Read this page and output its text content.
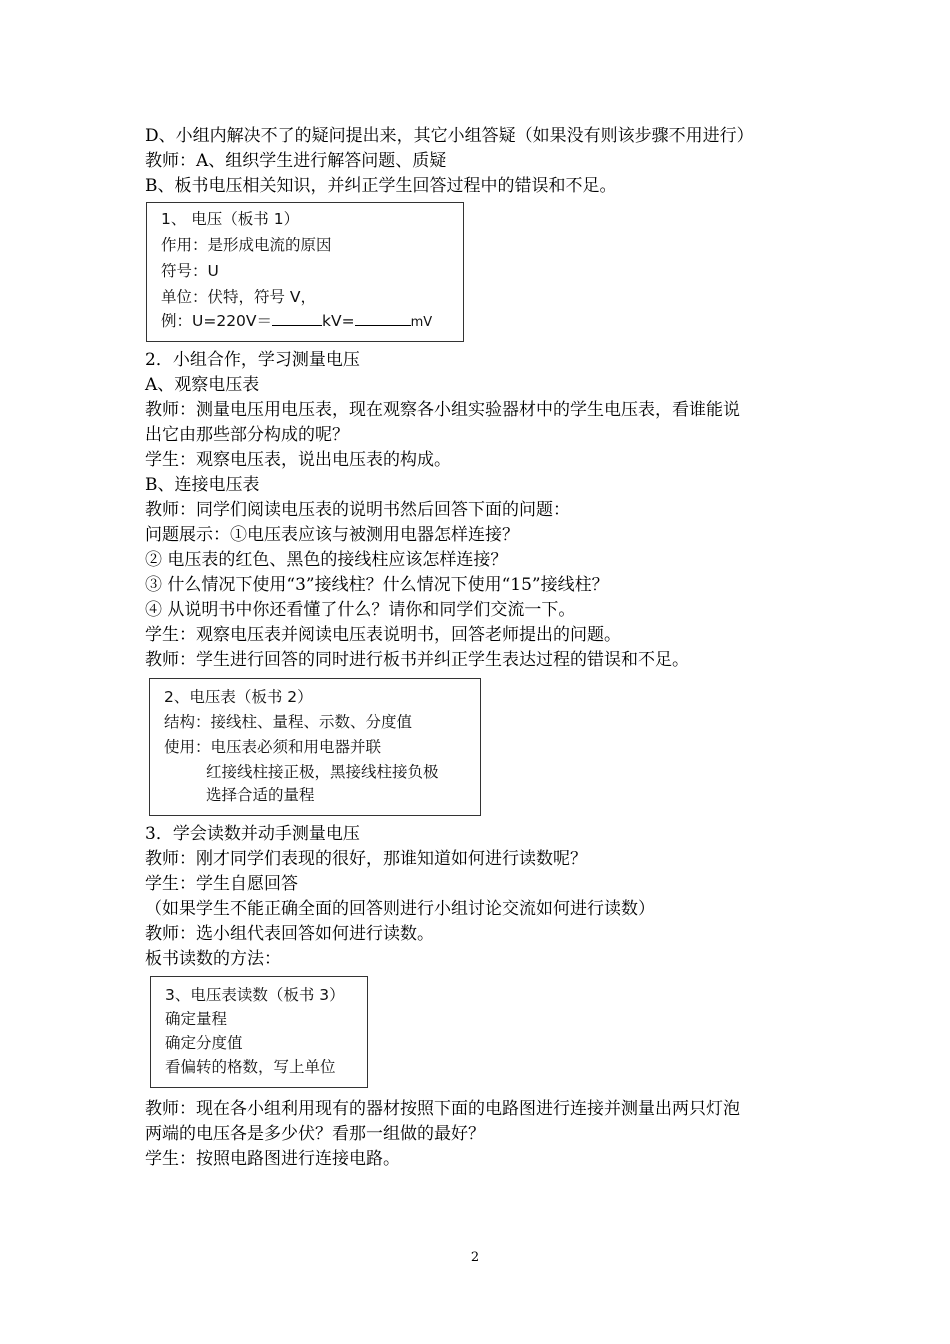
D、小组内解决不了的疑问提出来，其它小组答疑（如果没有则该步骤不用进行）
教师：A、组织学生进行解答问题、质疑
B、板书电压相关知识，并纠正学生回答过程中的错误和不足。
1、 电压（板书 1）
作用：是形成电流的原因
符号：U
单位：伏特，符号 V，
例：U=220V＝	kV=	mV
2．小组合作，学习测量电压
A、观察电压表
教师：测量电压用电压表，现在观察各小组实验器材中的学生电压表，看谁能说
出它由那些部分构成的呢？
学生：观察电压表，说出电压表的构成。
B、连接电压表
教师：同学们阅读电压表的说明书然后回答下面的问题：
问题展示：①电压表应该与被测用电器怎样连接？
② 电压表的红色、黑色的接线柱应该怎样连接？
③ 什么情况下使用“3”接线柱？什么情况下使用“15”接线柱？
④ 从说明书中你还看懂了什么？请你和同学们交流一下。
学生：观察电压表并阅读电压表说明书，回答老师提出的问题。
教师：学生进行回答的同时进行板书并纠正学生表达过程的错误和不足。
2、电压表（板书 2）
结构：接线柱、量程、示数、分度值
使用：电压表必须和用电器并联
红接线柱接正极，黑接线柱接负极
选择合适的量程
3．学会读数并动手测量电压
教师：刚才同学们表现的很好，那谁知道如何进行读数呢？
学生：学生自愿回答
（如果学生不能正确全面的回答则进行小组讨论交流如何进行读数）
教师：选小组代表回答如何进行读数。
板书读数的方法：
3、电压表读数（板书 3）
确定量程
确定分度值
看偏转的格数，写上单位
教师：现在各小组利用现有的器材按照下面的电路图进行连接并测量出两只灯泡
两端的电压各是多少伏？看那一组做的最好？
学生：按照电路图进行连接电路。
2
